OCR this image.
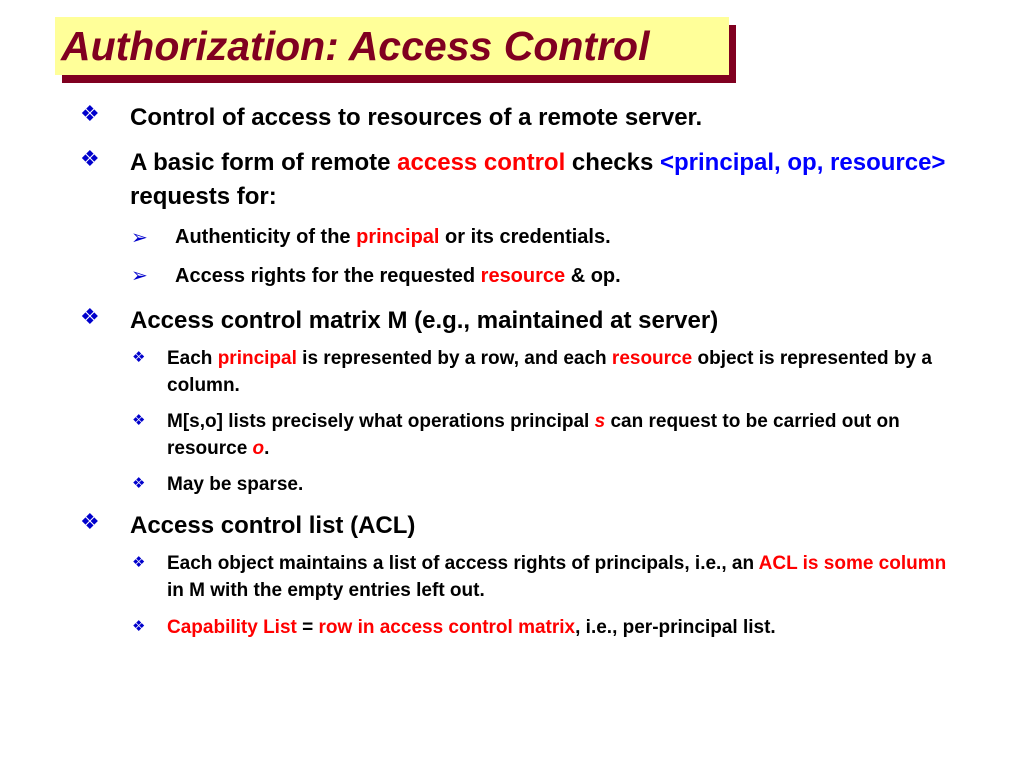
Authorization: Access Control
❖ Control of access to resources of a remote server.
❖ A basic form of remote access control checks <principal, op, resource> requests for:
➢ Authenticity of the principal or its credentials.
➢ Access rights for the requested resource & op.
❖ Access control matrix M (e.g., maintained at server)
❖ Each principal is represented by a row, and each resource object is represented by a column.
❖ M[s,o] lists precisely what operations principal s can request to be carried out on resource o.
❖ May be sparse.
❖ Access control list (ACL)
❖ Each object maintains a list of access rights of principals, i.e., an ACL is some column in M with the empty entries left out.
❖ Capability List = row in access control matrix, i.e., per-principal list.
